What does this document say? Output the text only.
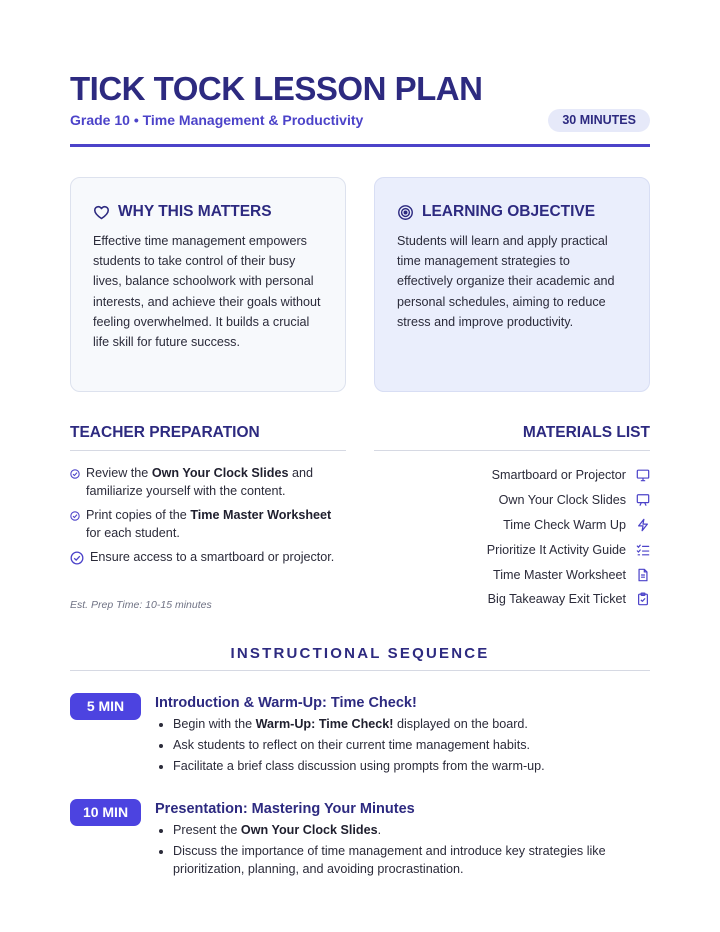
TICK TOCK LESSON PLAN
Grade 10 • Time Management & Productivity	30 MINUTES
WHY THIS MATTERS

Effective time management empowers students to take control of their busy lives, balance schoolwork with personal interests, and achieve their goals without feeling overwhelmed. It builds a crucial life skill for future success.

LEARNING OBJECTIVE

Students will learn and apply practical time management strategies to effectively organize their academic and personal schedules, aiming to reduce stress and improve productivity.

TEACHER PREPARATION
Review the Own Your Clock Slides and familiarize yourself with the content.
Print copies of the Time Master Worksheet for each student.
Ensure access to a smartboard or projector.
Est. Prep Time: 10-15 minutes
MATERIALS LIST
Smartboard or Projector
Own Your Clock Slides
Time Check Warm Up
Prioritize It Activity Guide
Time Master Worksheet
Big Takeaway Exit Ticket
INSTRUCTIONAL SEQUENCE
5 MIN	Introduction & Warm-Up: Time Check!
Begin with the Warm-Up: Time Check! displayed on the board.
Ask students to reflect on their current time management habits.
Facilitate a brief class discussion using prompts from the warm-up.
10 MIN	Presentation: Mastering Your Minutes
Present the Own Your Clock Slides.
Discuss the importance of time management and introduce key strategies like prioritization, planning, and avoiding procrastination.
